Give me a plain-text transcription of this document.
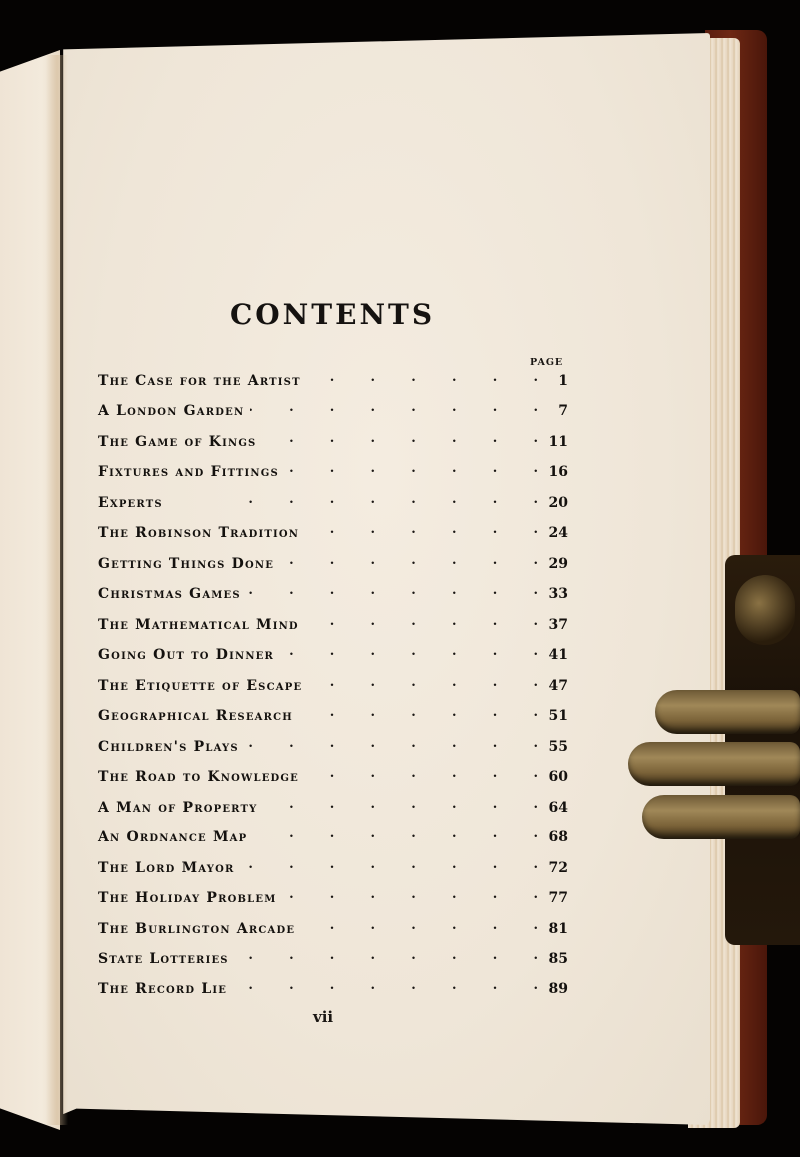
CONTENTS
PAGE
The Case for the Artist .	1
A London Garden .	7
The Game of Kings .	11
Fixtures and Fittings .	16
Experts .	20
The Robinson Tradition .	24
Getting Things Done .	29
Christmas Games .	33
The Mathematical Mind .	37
Going Out to Dinner .	41
The Etiquette of Escape .	47
Geographical Research .	51
Children's Plays .	55
The Road to Knowledge .	60
A Man of Property .	64
An Ordnance Map .	68
The Lord Mayor .	72
The Holiday Problem .	77
The Burlington Arcade .	81
State Lotteries .	85
The Record Lie .	89
vii
